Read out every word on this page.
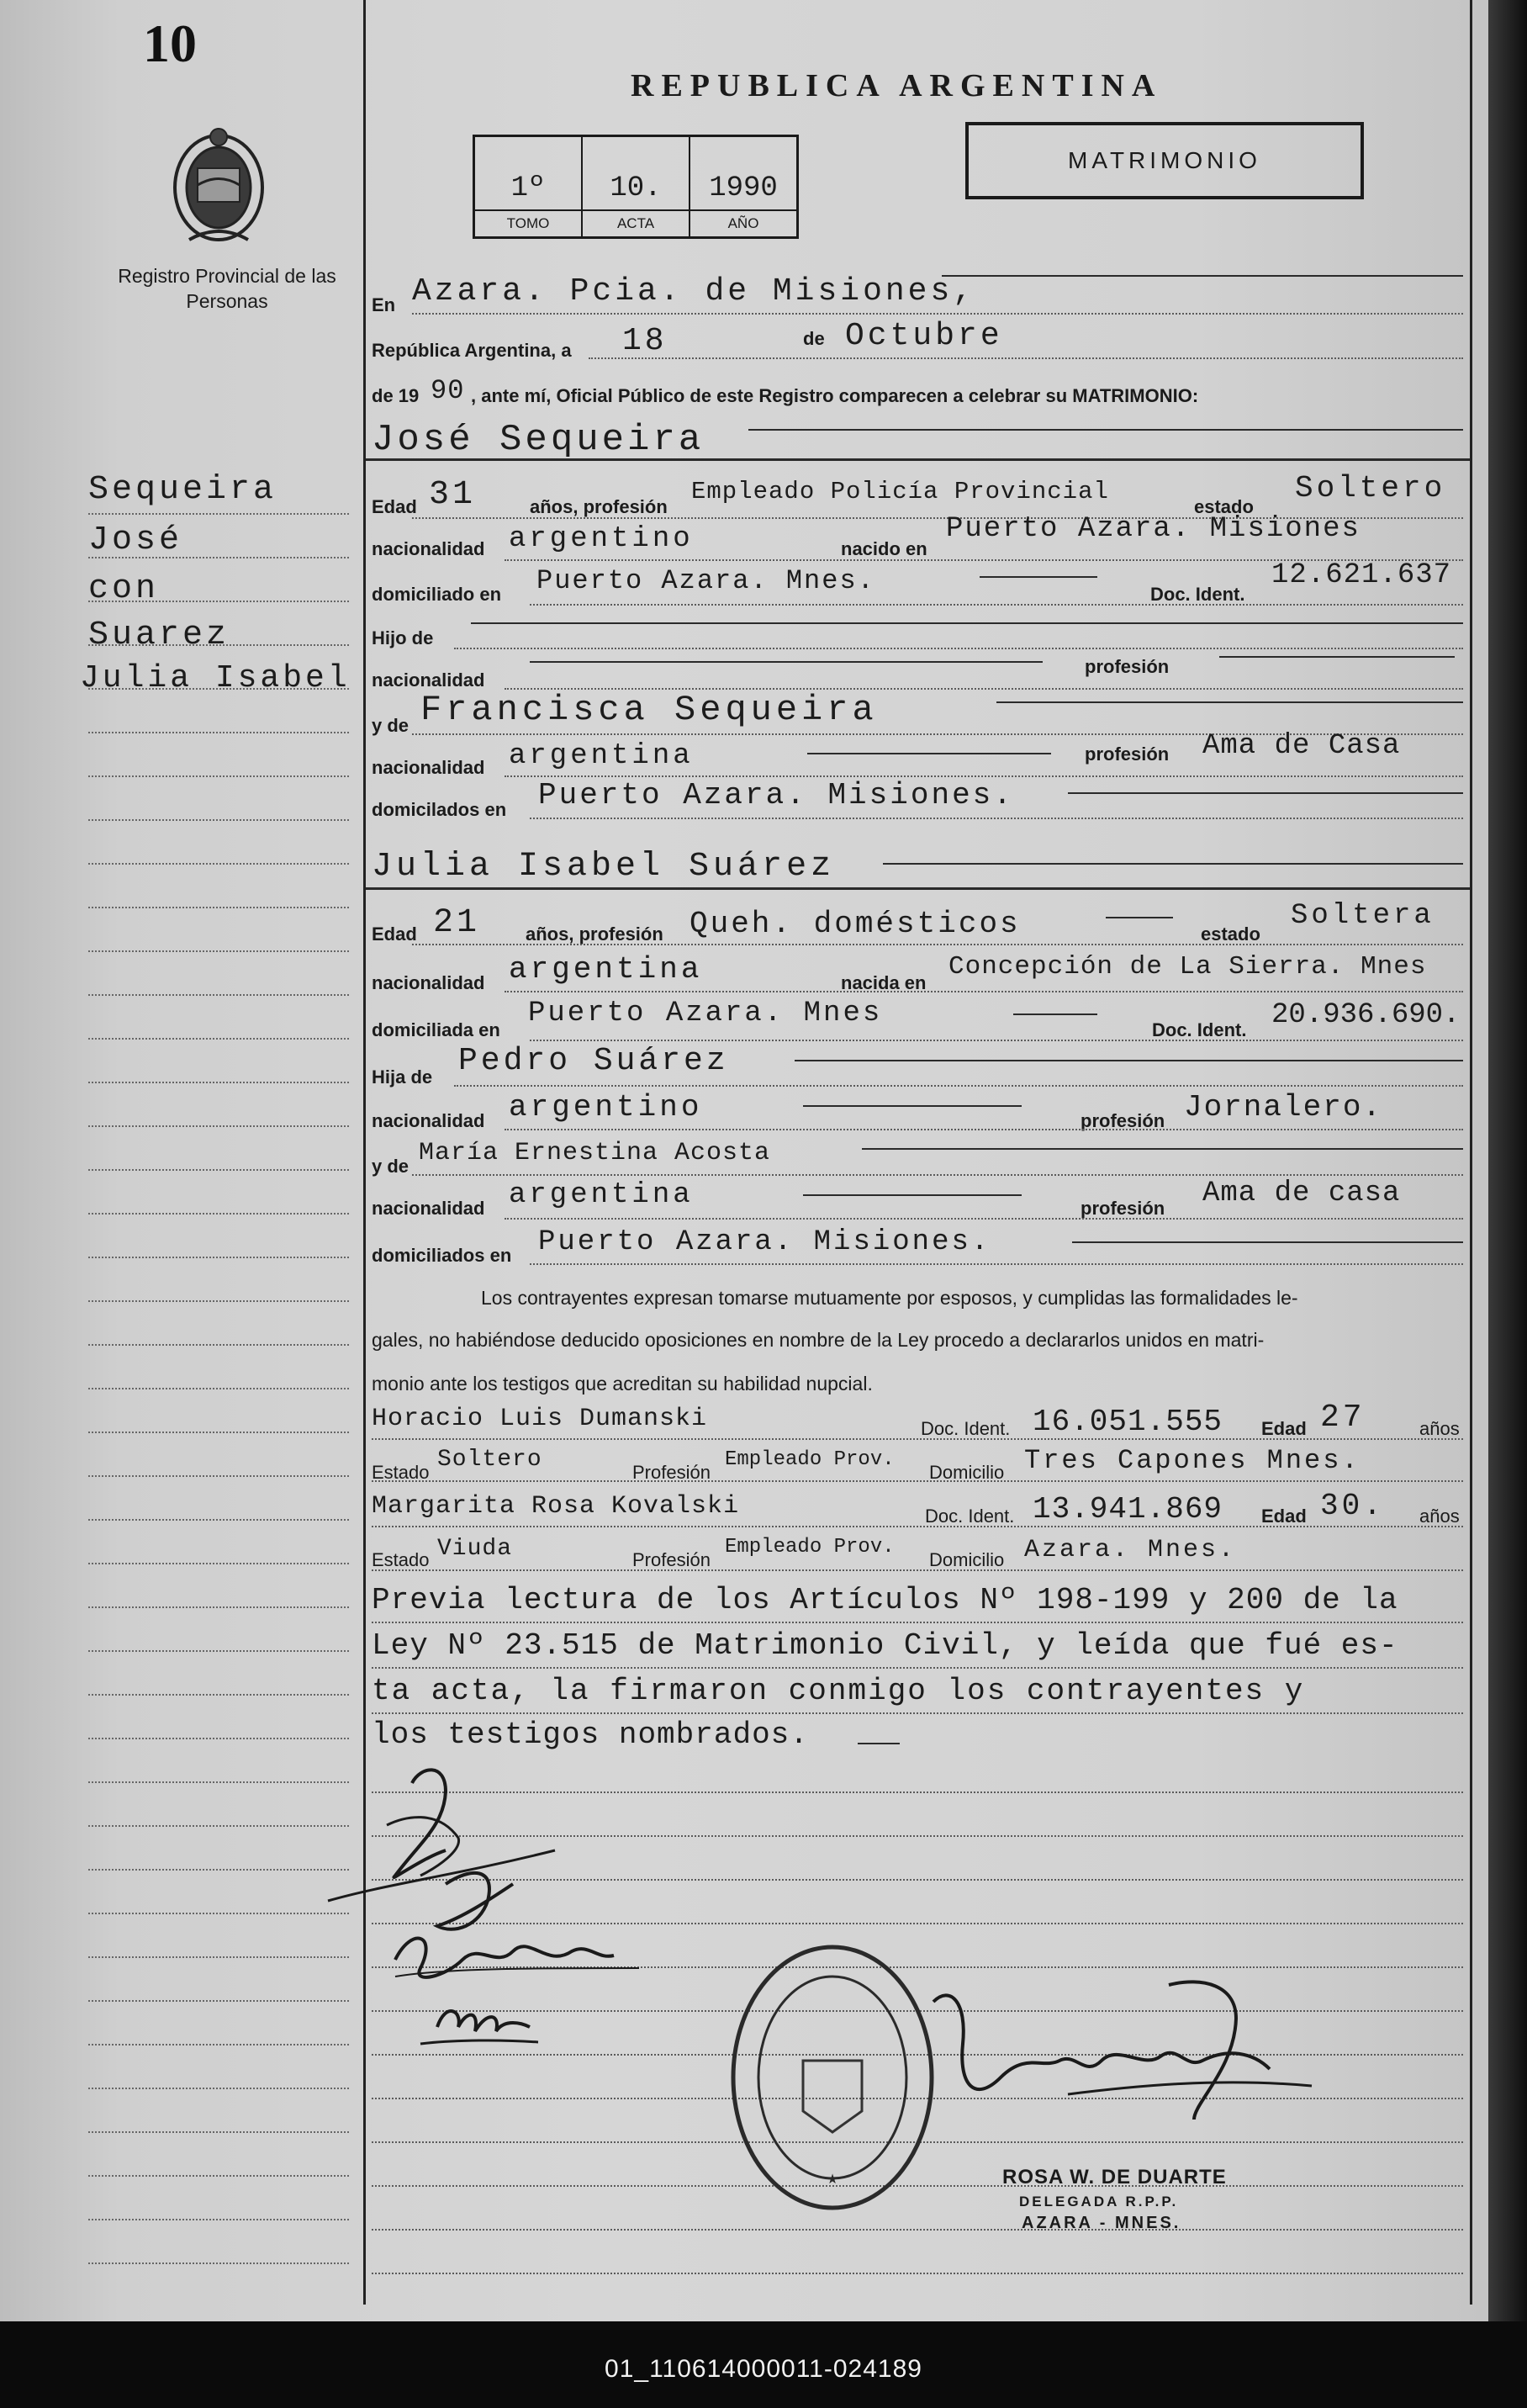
10
Registro Provincial de las Personas
REPUBLICA ARGENTINA
MATRIMONIO
1º
TOMO
10.
ACTA
1990
AÑO
Sequeira
José
con
Suarez
Julia Isabel
En Azara. Pcia. de Misiones,
República Argentina, a 18	de Octubre
de 19 90 , ante mí, Oficial Público de este Registro comparecen a celebrar su MATRIMONIO:
José Sequeira
Edad 31	años, profesión
Empleado Policía Provincial
estado
Soltero
nacionalidad argentino	nacido en
Puerto Azara. Misiones
domiciliado en Puerto Azara. Mnes.	Doc. Ident.
12.621.637
Hijo de
nacionalidad
profesión
y de Francisca Sequeira
nacionalidad argentina	profesión Ama de Casa
domicilados en Puerto Azara. Misiones.
Julia Isabel Suárez
Edad 21 años, profesión Queh. domésticos	estado
Soltera
nacionalidad argentina	nacida en
Concepción de La Sierra. Mnes
domiciliada en
Puerto Azara. Mnes
Doc. Ident. 20.936.690.
Hija de Pedro Suárez
nacionalidad argentino	profesión Jornalero.
y de María Ernestina Acosta
nacionalidad argentina	profesión Ama de casa
domiciliados en Puerto Azara. Misiones.
Los contrayentes expresan tomarse mutuamente por esposos, y cumplidas las formalidades le-
gales, no habiéndose deducido oposiciones en nombre de la Ley procedo a declararlos unidos en matri-
monio ante los testigos que acreditan su habilidad nupcial.
Horacio Luis Dumanski	Doc. Ident. 16.051.555 Edad 27	años
Estado Soltero	Profesión
Empleado Prov.
Domicilio Tres Capones Mnes.
Margarita Rosa Kovalski	Doc. Ident. 13.941.869 Edad 30. años
Estado Viuda	Profesión
Empleado Prov.
Domicilio Azara. Mnes.
Previa lectura de los Artículos Nº 198-199 y 200 de la
Ley Nº 23.515 de Matrimonio Civil, y leída que fué es-
ta acta, la firmaron conmigo los contrayentes y
los testigos nombrados.
★	ROSA W. DE DUARTE
DELEGADA R.P.P.
AZARA - MNES.
01_110614000011-024189
